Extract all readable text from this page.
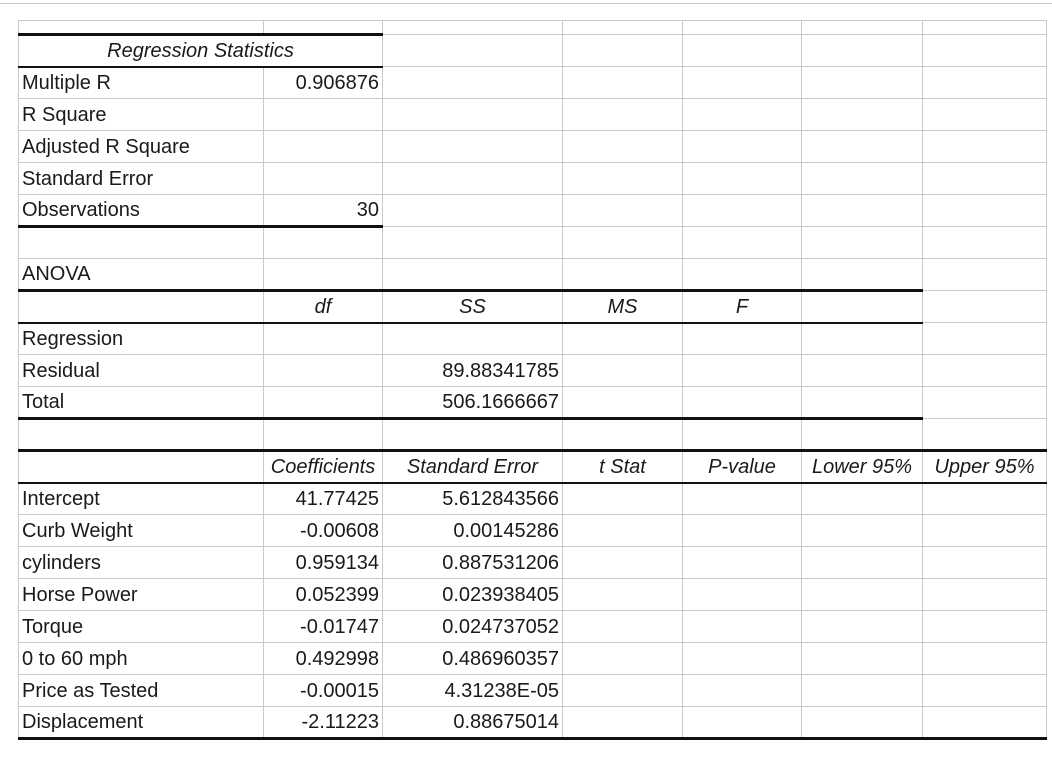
Regression Statistics						
Multiple R	0.906876					
R Square						
Adjusted R Square						
Standard Error						
Observations	30					

ANOVA						
	df	SS	MS	F		
Regression						
Residual		89.88341785				
Total		506.1666667				

	Coefficients	Standard Error	t Stat	P-value	Lower 95%	Upper 95%
Intercept	41.77425	5.612843566				
Curb Weight	-0.00608	0.00145286				
cylinders	0.959134	0.887531206				
Horse Power	0.052399	0.023938405				
Torque	-0.01747	0.024737052				
0 to 60 mph	0.492998	0.486960357				
Price as Tested	-0.00015	4.31238E-05				
Displacement	-2.11223	0.88675014				
